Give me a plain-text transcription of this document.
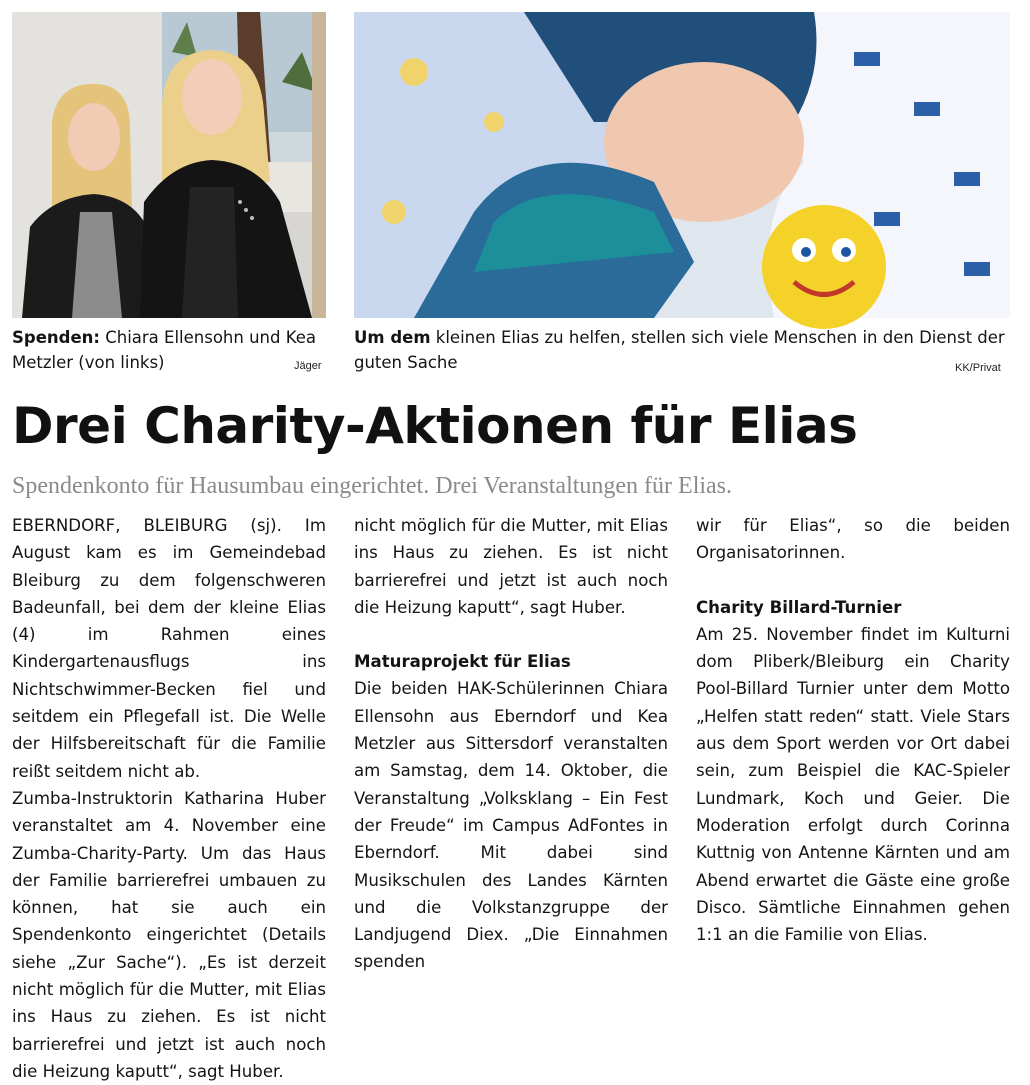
Spenden: Chiara Ellensohn und Kea Metzler (von links)	Jäger
Um dem kleinen Elias zu helfen, stellen sich viele Menschen in den Dienst der guten Sache	KK/Privat
Drei Charity-Aktionen für Elias
Spendenkonto für Hausumbau eingerichtet. Drei Veranstaltungen für Elias.

EBERNDORF, BLEIBURG (sj). Im August kam es im Gemeindebad Bleiburg zu dem folgenschweren Badeunfall, bei dem der kleine Elias (4) im Rahmen eines Kindergartenausflugs ins Nichtschwimmer-Becken fiel und seitdem ein Pflegefall ist. Die Welle der Hilfsbereitschaft für die Familie reißt seitdem nicht ab.

Zumba-Instruktorin Katharina Huber veranstaltet am 4. November eine Zumba-Charity-Party. Um das Haus der Familie barrierefrei umbauen zu können, hat sie auch ein Spendenkonto eingerichtet (Details siehe „Zur Sache“). „Es ist derzeit nicht möglich für die Mutter, mit Elias ins Haus zu ziehen. Es ist nicht barrierefrei und jetzt ist auch noch die Heizung kaputt“, sagt Huber.

nicht möglich für die Mutter, mit Elias ins Haus zu ziehen. Es ist nicht barrierefrei und jetzt ist auch noch die Heizung kaputt“, sagt Huber.

Maturaprojekt für Elias

Die beiden HAK-Schülerinnen Chiara Ellensohn aus Eberndorf und Kea Metzler aus Sittersdorf veranstalten am Samstag, dem 14. Oktober, die Veranstaltung „Volksklang – Ein Fest der Freude“ im Campus AdFontes in Eberndorf. Mit dabei sind Musikschulen des Landes Kärnten und die Volkstanzgruppe der Landjugend Diex. „Die Einnahmen spenden

wir für Elias“, so die beiden Organisatorinnen.

Charity Billard-Turnier

Am 25. November findet im Kulturni dom Pliberk/Bleiburg ein Charity Pool-Billard Turnier unter dem Motto „Helfen statt reden“ statt. Viele Stars aus dem Sport werden vor Ort dabei sein, zum Beispiel die KAC-Spieler Lundmark, Koch und Geier. Die Moderation erfolgt durch Corinna Kuttnig von Antenne Kärnten und am Abend erwartet die Gäste eine große Disco. Sämtliche Einnahmen gehen 1:1 an die Familie von Elias.
